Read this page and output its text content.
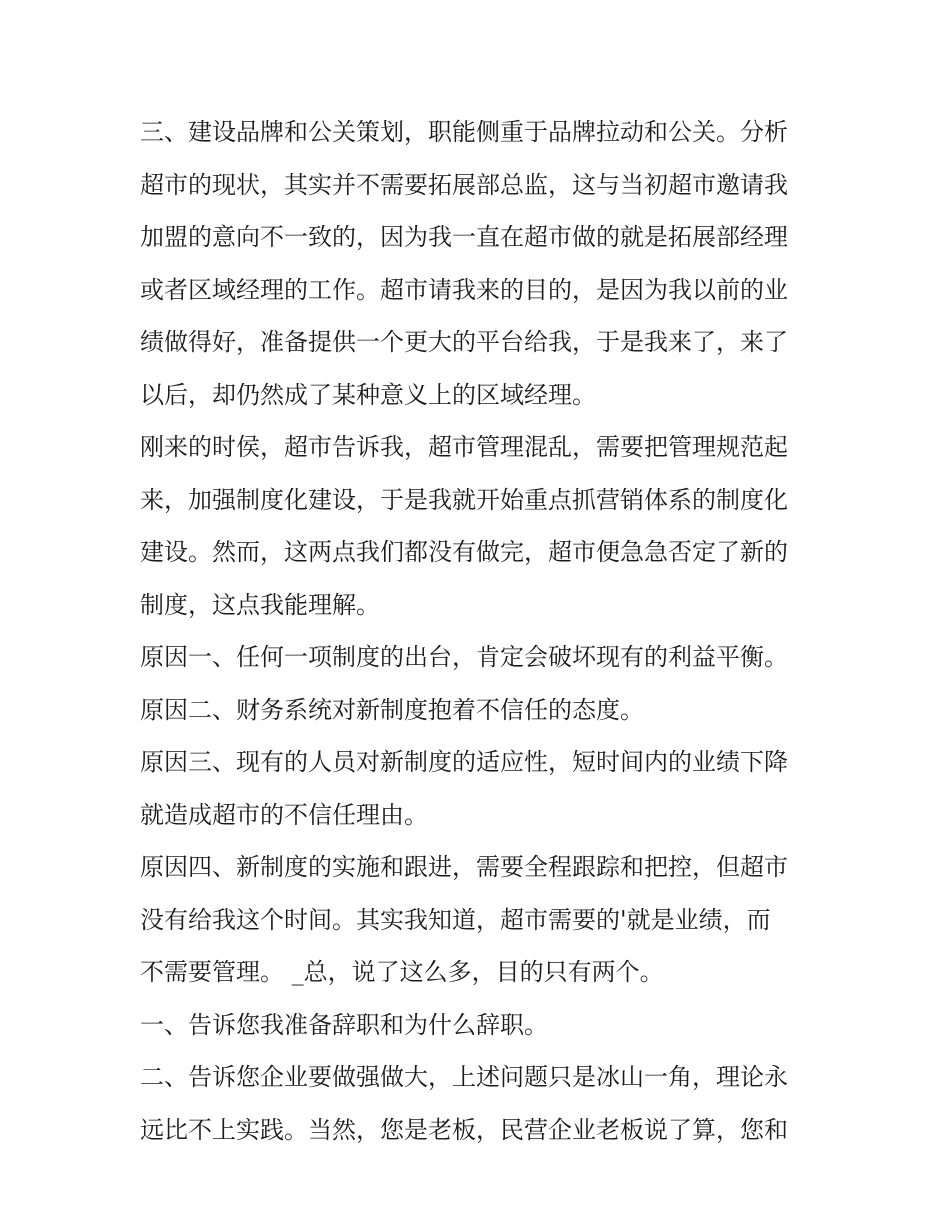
三、建设品牌和公关策划，职能侧重于品牌拉动和公关。分析
超市的现状，其实并不需要拓展部总监，这与当初超市邀请我
加盟的意向不一致的，因为我一直在超市做的就是拓展部经理
或者区域经理的工作。超市请我来的目的，是因为我以前的业
绩做得好，准备提供一个更大的平台给我，于是我来了，来了
以后，却仍然成了某种意义上的区域经理。
刚来的时侯，超市告诉我，超市管理混乱，需要把管理规范起
来，加强制度化建设，于是我就开始重点抓营销体系的制度化
建设。然而，这两点我们都没有做完，超市便急急否定了新的
制度，这点我能理解。
原因一、任何一项制度的出台，肯定会破坏现有的利益平衡。
原因二、财务系统对新制度抱着不信任的态度。
原因三、现有的人员对新制度的适应性，短时间内的业绩下降
就造成超市的不信任理由。
原因四、新制度的实施和跟进，需要全程跟踪和把控，但超市
没有给我这个时间。其实我知道，超市需要的'就是业绩，而
不需要管理。 _总，说了这么多，目的只有两个。
一、告诉您我准备辞职和为什么辞职。
二、告诉您企业要做强做大，上述问题只是冰山一角，理论永
远比不上实践。当然，您是老板，民营企业老板说了算，您和
